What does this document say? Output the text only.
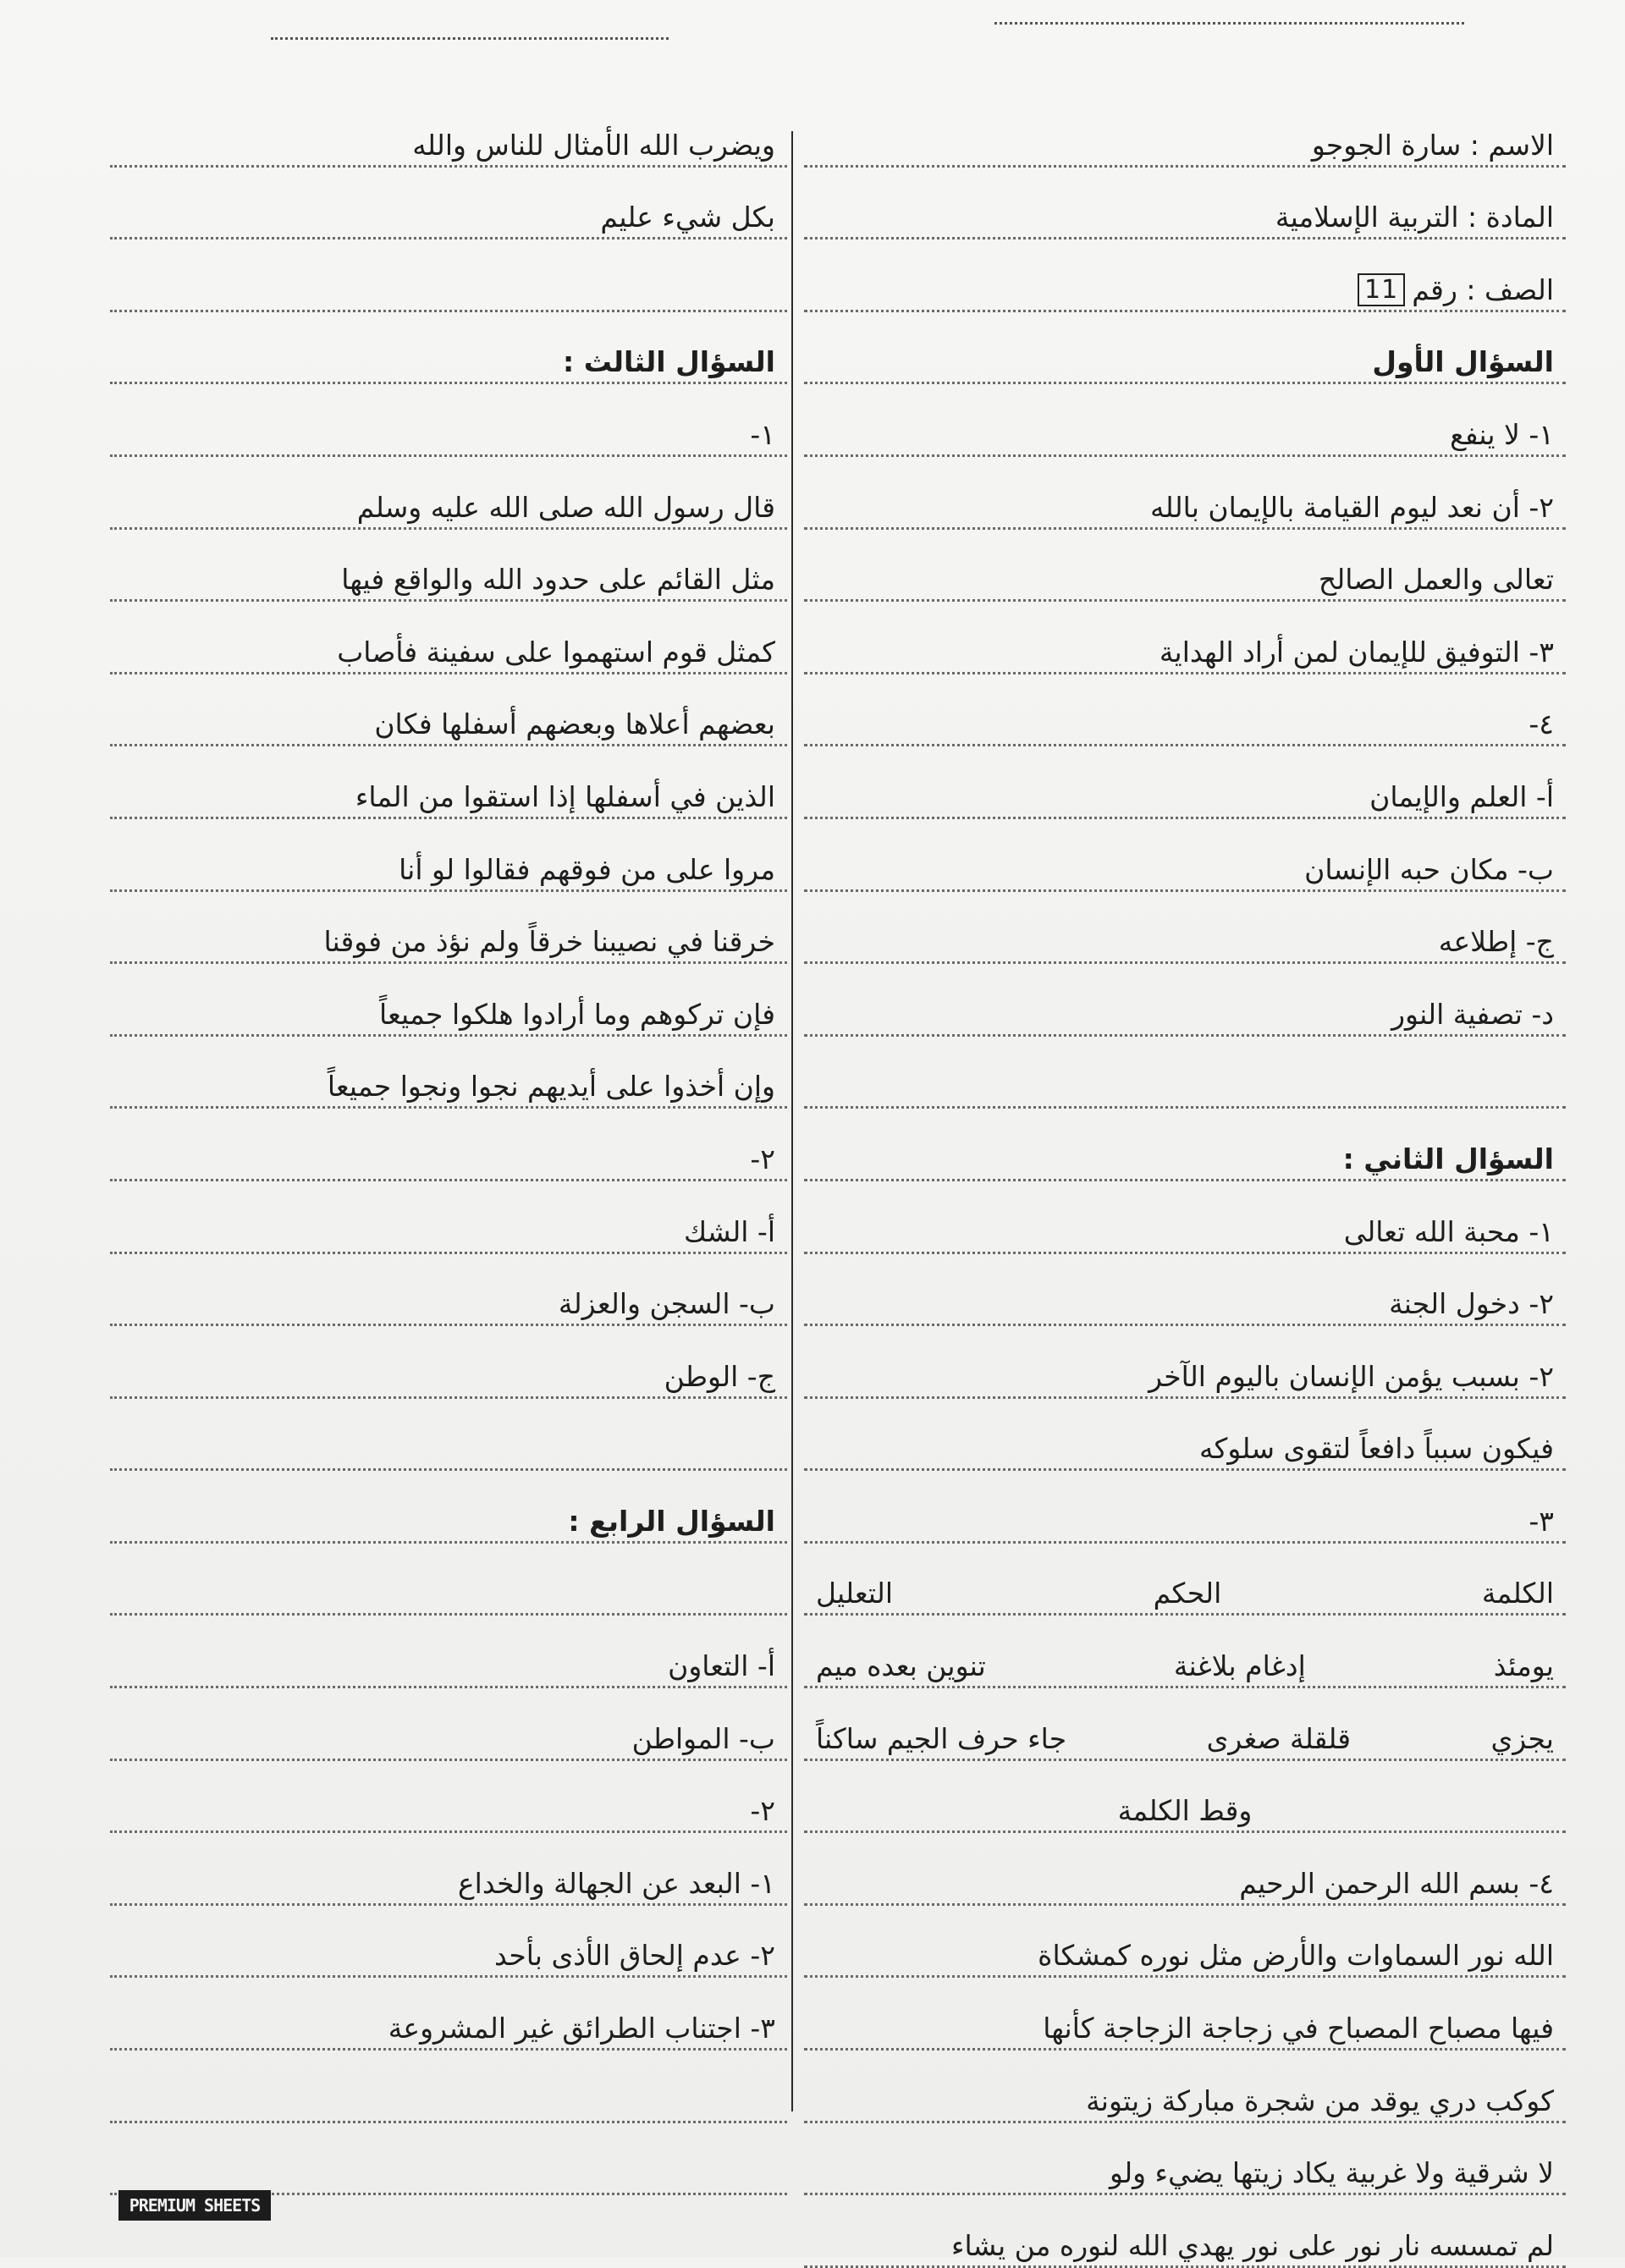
الاسم : سارة الجوجو
المادة : التربية الإسلامية
الصف : رقم
11
السؤال الأول
١- لا ينفع
٢- أن نعد ليوم القيامة بالإيمان بالله
تعالى والعمل الصالح
٣- التوفيق للإيمان لمن أراد الهداية
٤-
أ- العلم والإيمان
ب- مكان حبه الإنسان
ج- إطلاعه
د- تصفية النور
السؤال الثاني :
١- محبة الله تعالى
٢- دخول الجنة
٢- بسبب يؤمن الإنسان باليوم الآخر
فيكون سبباً دافعاً لتقوى سلوكه
٣-
الكلمة
الحكم
التعليل
يومئذ
إدغام بلاغنة
تنوين بعده ميم
يجزي
قلقلة صغرى
جاء حرف الجيم ساكناً
وقط الكلمة
٤- بسم الله الرحمن الرحيم
الله نور السماوات والأرض مثل نوره كمشكاة
فيها مصباح المصباح في زجاجة الزجاجة كأنها
كوكب دري يوقد من شجرة مباركة زيتونة
لا شرقية ولا غربية يكاد زيتها يضيء ولو
لم تمسسه نار نور على نور يهدي الله لنوره من يشاء
ويضرب الله الأمثال للناس والله
بكل شيء عليم
السؤال الثالث :
١-
قال رسول الله صلى الله عليه وسلم
مثل القائم على حدود الله والواقع فيها
كمثل قوم استهموا على سفينة فأصاب
بعضهم أعلاها وبعضهم أسفلها فكان
الذين في أسفلها إذا استقوا من الماء
مروا على من فوقهم فقالوا لو أنا
خرقنا في نصيبنا خرقاً ولم نؤذ من فوقنا
فإن تركوهم وما أرادوا هلكوا جميعاً
وإن أخذوا على أيديهم نجوا ونجوا جميعاً
٢-
أ- الشك
ب- السجن والعزلة
ج- الوطن
السؤال الرابع :
أ- التعاون
ب- المواطن
٢-
١- البعد عن الجهالة والخداع
٢- عدم إلحاق الأذى بأحد
٣- اجتناب الطرائق غير المشروعة
PREMIUM SHEETS
